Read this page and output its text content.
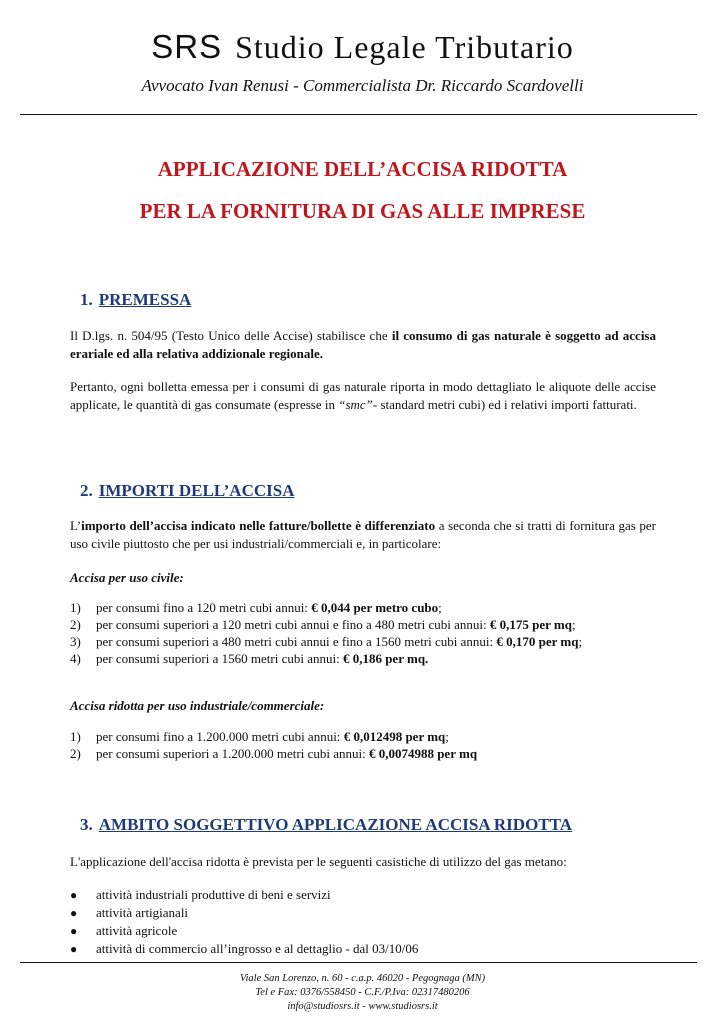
SRS Studio Legale Tributario
Avvocato Ivan Renusi - Commercialista Dr. Riccardo Scardovelli
APPLICAZIONE DELL’ACCISA RIDOTTA
PER LA FORNITURA DI GAS ALLE IMPRESE
1. PREMESSA
Il D.lgs. n. 504/95 (Testo Unico delle Accise) stabilisce che il consumo di gas naturale è soggetto ad accisa erariale ed alla relativa addizionale regionale.
Pertanto, ogni bolletta emessa per i consumi di gas naturale riporta in modo dettagliato le aliquote delle accise applicate, le quantità di gas consumate (espresse in “smc”- standard metri cubi) ed i relativi importi fatturati.
2. IMPORTI DELL’ACCISA
L’importo dell’accisa indicato nelle fatture/bollette è differenziato a seconda che si tratti di fornitura gas per uso civile piuttosto che per usi industriali/commerciali e, in particolare:
Accisa per uso civile:
1) per consumi fino a 120 metri cubi annui: € 0,044 per metro cubo;
2) per consumi superiori a 120 metri cubi annui e fino a 480 metri cubi annui: € 0,175 per mq;
3) per consumi superiori a 480 metri cubi annui e fino a 1560 metri cubi annui: € 0,170 per mq;
4) per consumi superiori a 1560 metri cubi annui: € 0,186 per mq.
Accisa ridotta per uso industriale/commerciale:
1) per consumi fino a 1.200.000 metri cubi annui: € 0,012498 per mq;
2) per consumi superiori a 1.200.000 metri cubi annui: € 0,0074988 per mq
3. AMBITO SOGGETTIVO APPLICAZIONE ACCISA RIDOTTA
L'applicazione dell'accisa ridotta è prevista per le seguenti casistiche di utilizzo del gas metano:
● attività industriali produttive di beni e servizi
● attività artigianali
● attività agricole
● attività di commercio all’ingrosso e al dettaglio - dal 03/10/06
Viale San Lorenzo, n. 60 - c.a.p. 46020 - Pegognaga (MN)
Tel e Fax: 0376/558450 - C.F./P.Iva: 02317480206
info@studiosrs.it - www.studiosrs.it
